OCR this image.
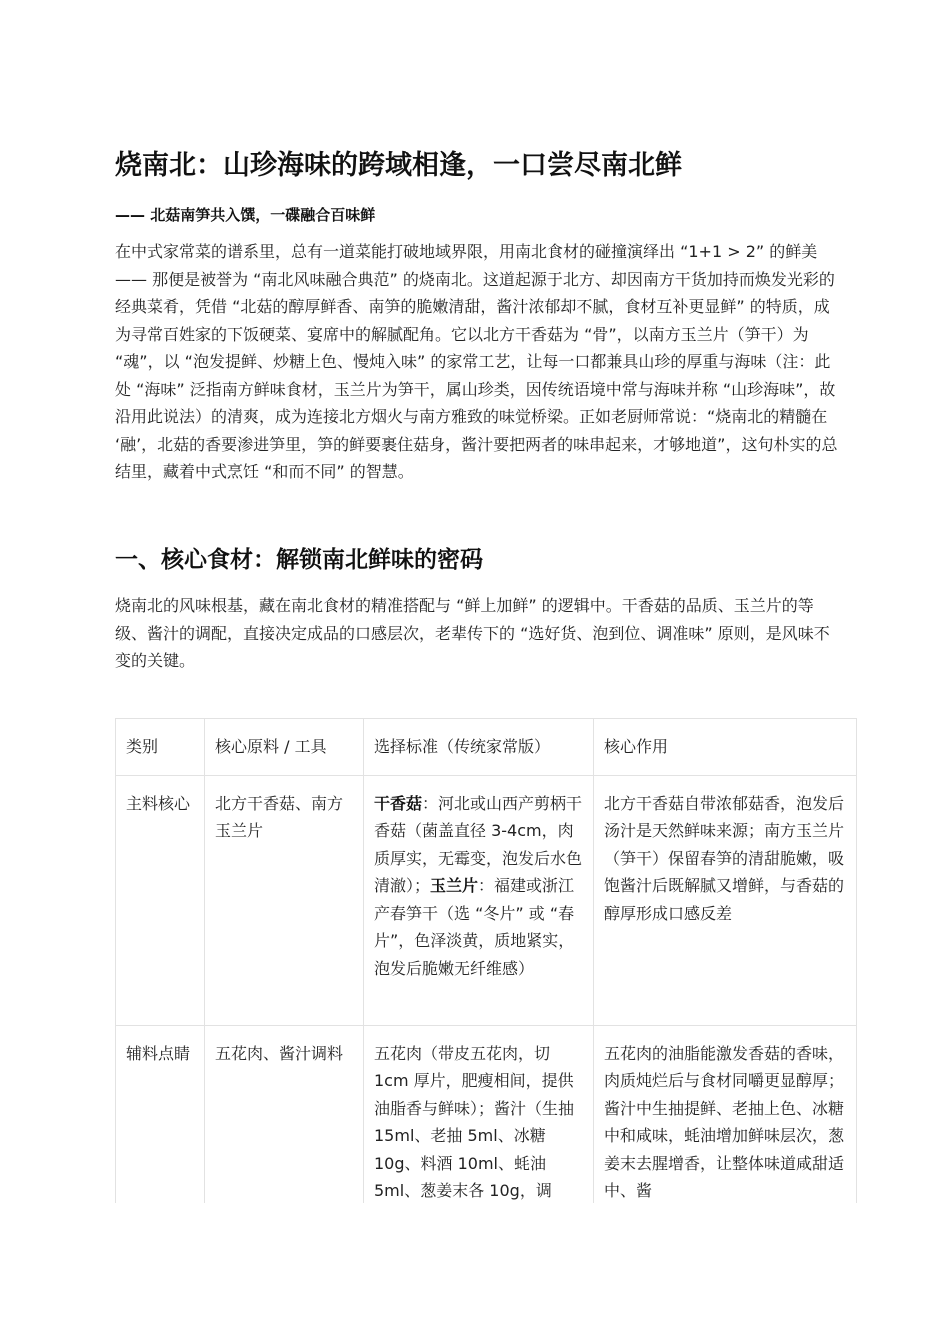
烧南北：山珍海味的跨域相逢，一口尝尽南北鲜

—— 北菇南笋共入馔，一碟融合百味鲜

在中式家常菜的谱系里，总有一道菜能打破地域界限，用南北食材的碰撞演绎出 “1+1 > 2” 的鲜美 —— 那便是被誉为 “南北风味融合典范” 的烧南北。这道起源于北方、却因南方干货加持而焕发光彩的经典菜肴，凭借 “北菇的醇厚鲜香、南笋的脆嫩清甜，酱汁浓郁却不腻，食材互补更显鲜” 的特质，成为寻常百姓家的下饭硬菜、宴席中的解腻配角。它以北方干香菇为 “骨”，以南方玉兰片（笋干）为 “魂”，以 “泡发提鲜、炒糖上色、慢炖入味” 的家常工艺，让每一口都兼具山珍的厚重与海味（注：此处 “海味” 泛指南方鲜味食材，玉兰片为笋干，属山珍类，因传统语境中常与海味并称 “山珍海味”，故沿用此说法）的清爽，成为连接北方烟火与南方雅致的味觉桥梁。正如老厨师常说：“烧南北的精髓在 ‘融’，北菇的香要渗进笋里，笋的鲜要裹住菇身，酱汁要把两者的味串起来，才够地道”，这句朴实的总结里，藏着中式烹饪 “和而不同” 的智慧。

一、核心食材：解锁南北鲜味的密码

烧南北的风味根基，藏在南北食材的精准搭配与 “鲜上加鲜” 的逻辑中。干香菇的品质、玉兰片的等级、酱汁的调配，直接决定成品的口感层次，老辈传下的 “选好货、泡到位、调准味” 原则，是风味不变的关键。

类别	核心原料 / 工具	选择标准（传统家常版）	核心作用
主料核心	北方干香菇、南方玉兰片	干香菇：河北或山西产剪柄干香菇（菌盖直径 3-4cm，肉质厚实，无霉变，泡发后水色清澈）；玉兰片：福建或浙江产春笋干（选 “冬片” 或 “春片”，色泽淡黄，质地紧实，泡发后脆嫩无纤维感）	北方干香菇自带浓郁菇香，泡发后汤汁是天然鲜味来源；南方玉兰片（笋干）保留春笋的清甜脆嫩，吸饱酱汁后既解腻又增鲜，与香菇的醇厚形成口感反差
辅料点睛	五花肉、酱汁调料	五花肉（带皮五花肉，切 1cm 厚片，肥瘦相间，提供油脂香与鲜味）；酱汁（生抽 15ml、老抽 5ml、冰糖 10g、料酒 10ml、蚝油 5ml、葱姜末各 10g，调	五花肉的油脂能激发香菇的香味，肉质炖烂后与食材同嚼更显醇厚；酱汁中生抽提鲜、老抽上色、冰糖中和咸味，蚝油增加鲜味层次，葱姜末去腥增香，让整体味道咸甜适中、酱
